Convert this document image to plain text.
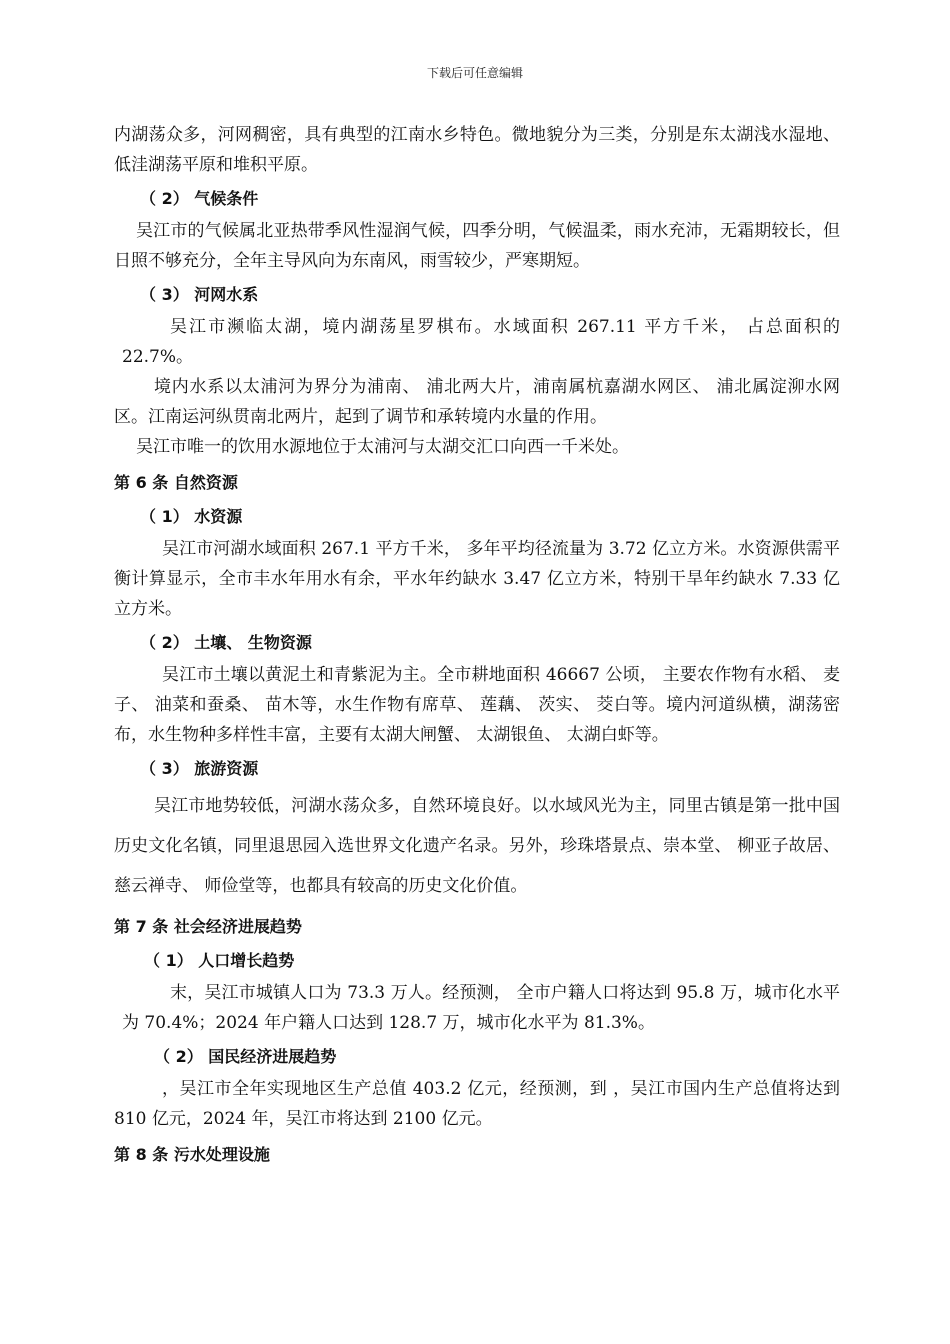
下载后可任意编辑

内湖荡众多，河网稠密，具有典型的江南水乡特色。微地貌分为三类，分别是东太湖浅水湿地、 低洼湖荡平原和堆积平原。

（ 2） 气候条件

吴江市的气候属北亚热带季风性湿润气候，四季分明，气候温柔，雨水充沛，无霜期较长，但日照不够充分，全年主导风向为东南风，雨雪较少，严寒期短。

（ 3） 河网水系

吴江市濒临太湖，境内湖荡星罗棋布。水域面积 267.11 平方千米， 占总面积的 22.7%。

境内水系以太浦河为界分为浦南、 浦北两大片，浦南属杭嘉湖水网区、 浦北属淀泖水网区。江南运河纵贯南北两片，起到了调节和承转境内水量的作用。

吴江市唯一的饮用水源地位于太浦河与太湖交汇口向西一千米处。

第 6 条 自然资源

（ 1） 水资源

吴江市河湖水域面积 267.1 平方千米， 多年平均径流量为 3.72 亿立方米。水资源供需平衡计算显示，全市丰水年用水有余，平水年约缺水 3.47 亿立方米，特别干旱年约缺水 7.33 亿立方米。

（ 2） 土壤、 生物资源

吴江市土壤以黄泥土和青紫泥为主。全市耕地面积 46667 公顷， 主要农作物有水稻、 麦子、 油菜和蚕桑、 苗木等，水生作物有席草、 莲藕、 茨实、 茭白等。境内河道纵横，湖荡密布，水生物种多样性丰富，主要有太湖大闸蟹、 太湖银鱼、 太湖白虾等。

（ 3） 旅游资源

吴江市地势较低，河湖水荡众多，自然环境良好。以水域风光为主，同里古镇是第一批中国历史文化名镇，同里退思园入选世界文化遗产名录。另外，珍珠塔景点、崇本堂、 柳亚子故居、 慈云禅寺、 师俭堂等，也都具有较高的历史文化价值。

第 7 条 社会经济进展趋势

（ 1） 人口增长趋势

末，吴江市城镇人口为 73.3 万人。经预测， 全市户籍人口将达到 95.8 万，城市化水平为 70.4%；2024 年户籍人口达到 128.7 万，城市化水平为 81.3%。

（ 2） 国民经济进展趋势

，吴江市全年实现地区生产总值 403.2 亿元，经预测，到 ，吴江市国内生产总值将达到 810 亿元，2024 年，吴江市将达到 2100 亿元。

第 8 条 污水处理设施
